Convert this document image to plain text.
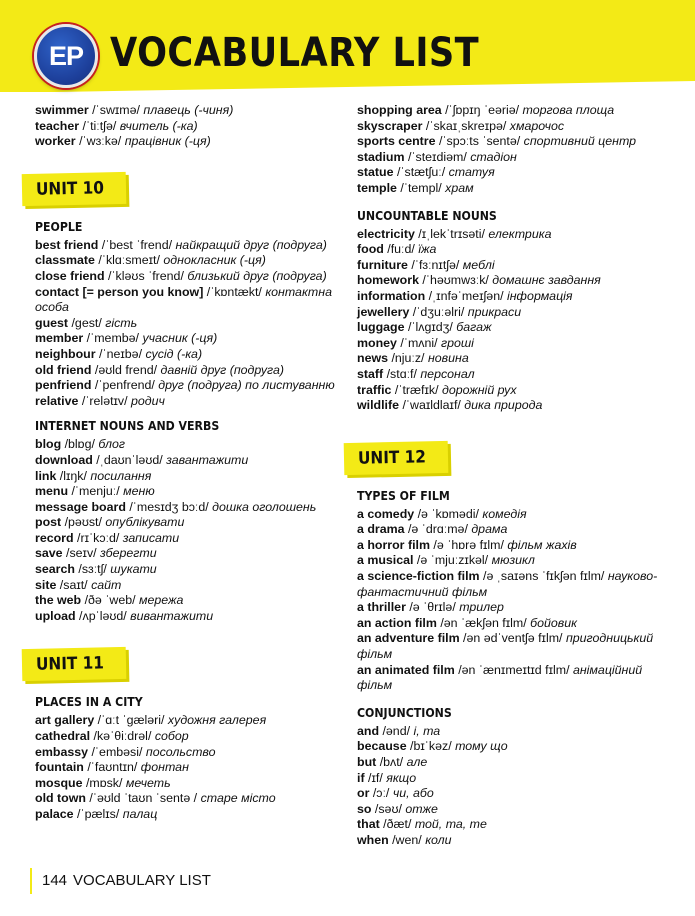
EP VOCABULARY LIST
swimmer /ˈswɪmə/ плавець (-чиня)
teacher /ˈtiːtʃə/ вчитель (-ка)
worker /ˈwɜːkə/ працівник (-ця)
UNIT 10
PEOPLE
best friend /ˈbest ˈfrend/ найкращий друг (подруга)
classmate /ˈklɑːsmeɪt/ однокласник (-ця)
close friend /ˈkləʊs ˈfrend/ близький друг (подруга)
contact [= person you know] /ˈkɒntækt/ контактна особа
guest /gest/ гість
member /ˈmembə/ учасник (-ця)
neighbour /ˈneɪbə/ сусід (-ка)
old friend /əʊld frend/ давній друг (подруга)
penfriend /ˈpenfrend/ друг (подруга) по листуванню
relative /ˈrelətɪv/ родич
INTERNET NOUNS AND VERBS
blog /blɒg/ блог
download /ˌdaʊnˈləʊd/ завантажити
link /lɪŋk/ посилання
menu /ˈmenjuː/ меню
message board /ˈmesɪdʒ bɔːd/ дошка оголошень
post /pəʊst/ опублікувати
record /rɪˈkɔːd/ записати
save /seɪv/ зберегти
search /sɜːtʃ/ шукати
site /saɪt/ сайт
the web /ðə ˈweb/ мережа
upload /ʌpˈləʊd/ вивантажити
UNIT 11
PLACES IN A CITY
art gallery /ˈɑːt ˈgæləri/ художня галерея
cathedral /kəˈθiːdrəl/ собор
embassy /ˈembəsi/ посольство
fountain /ˈfaʊntɪn/ фонтан
mosque /mɒsk/ мечеть
old town /ˈəʊld ˈtaʊn ˈsentə / старе місто
palace /ˈpælɪs/ палац
shopping area /ˈʃɒpɪŋ ˈeəriə/ торгова площа
skyscraper /ˈskaɪˌskreɪpə/ хмарочос
sports centre /ˈspɔːts ˈsentə/ спортивний центр
stadium /ˈsteɪdiəm/ стадіон
statue /ˈstætʃuː/ статуя
temple /ˈtempl/ храм
UNCOUNTABLE NOUNS
electricity /ɪˌlekˈtrɪsəti/ електрика
food /fuːd/ їжа
furniture /ˈfɜːnɪtʃə/ меблі
homework /ˈhəʊmwɜːk/ домашнє завдання
information /ˌɪnfəˈmeɪʃən/ інформація
jewellery /ˈdʒuːəlri/ прикраси
luggage /ˈlʌgɪdʒ/ багаж
money /ˈmʌni/ гроші
news /njuːz/ новина
staff /stɑːf/ персонал
traffic /ˈtræfɪk/ дорожній рух
wildlife /ˈwaɪldlaɪf/ дика природа
UNIT 12
TYPES OF FILM
a comedy /ə ˈkɒmədi/ комедія
a drama /ə ˈdrɑːmə/ драма
a horror film /ə ˈhɒrə fɪlm/ фільм жахів
a musical /ə ˈmjuːzɪkəl/ мюзикл
a science-fiction film /ə ˌsaɪəns ˈfɪkʃən fɪlm/ науково-фантастичний фільм
a thriller /ə ˈθrɪlə/ трилер
an action film /ən ˈækʃən fɪlm/ бойовик
an adventure film /ən ədˈventʃə fɪlm/ пригодницький фільм
an animated film /ən ˈænɪmeɪtɪd fɪlm/ анімаційний фільм
CONJUNCTIONS
and /ənd/ і, та
because /bɪˈkəz/ тому що
but /bʌt/ але
if /ɪf/ якщо
or /ɔː/ чи, або
so /səʊ/ отже
that /ðæt/ той, та, те
when /wen/ коли
144 VOCABULARY LIST
